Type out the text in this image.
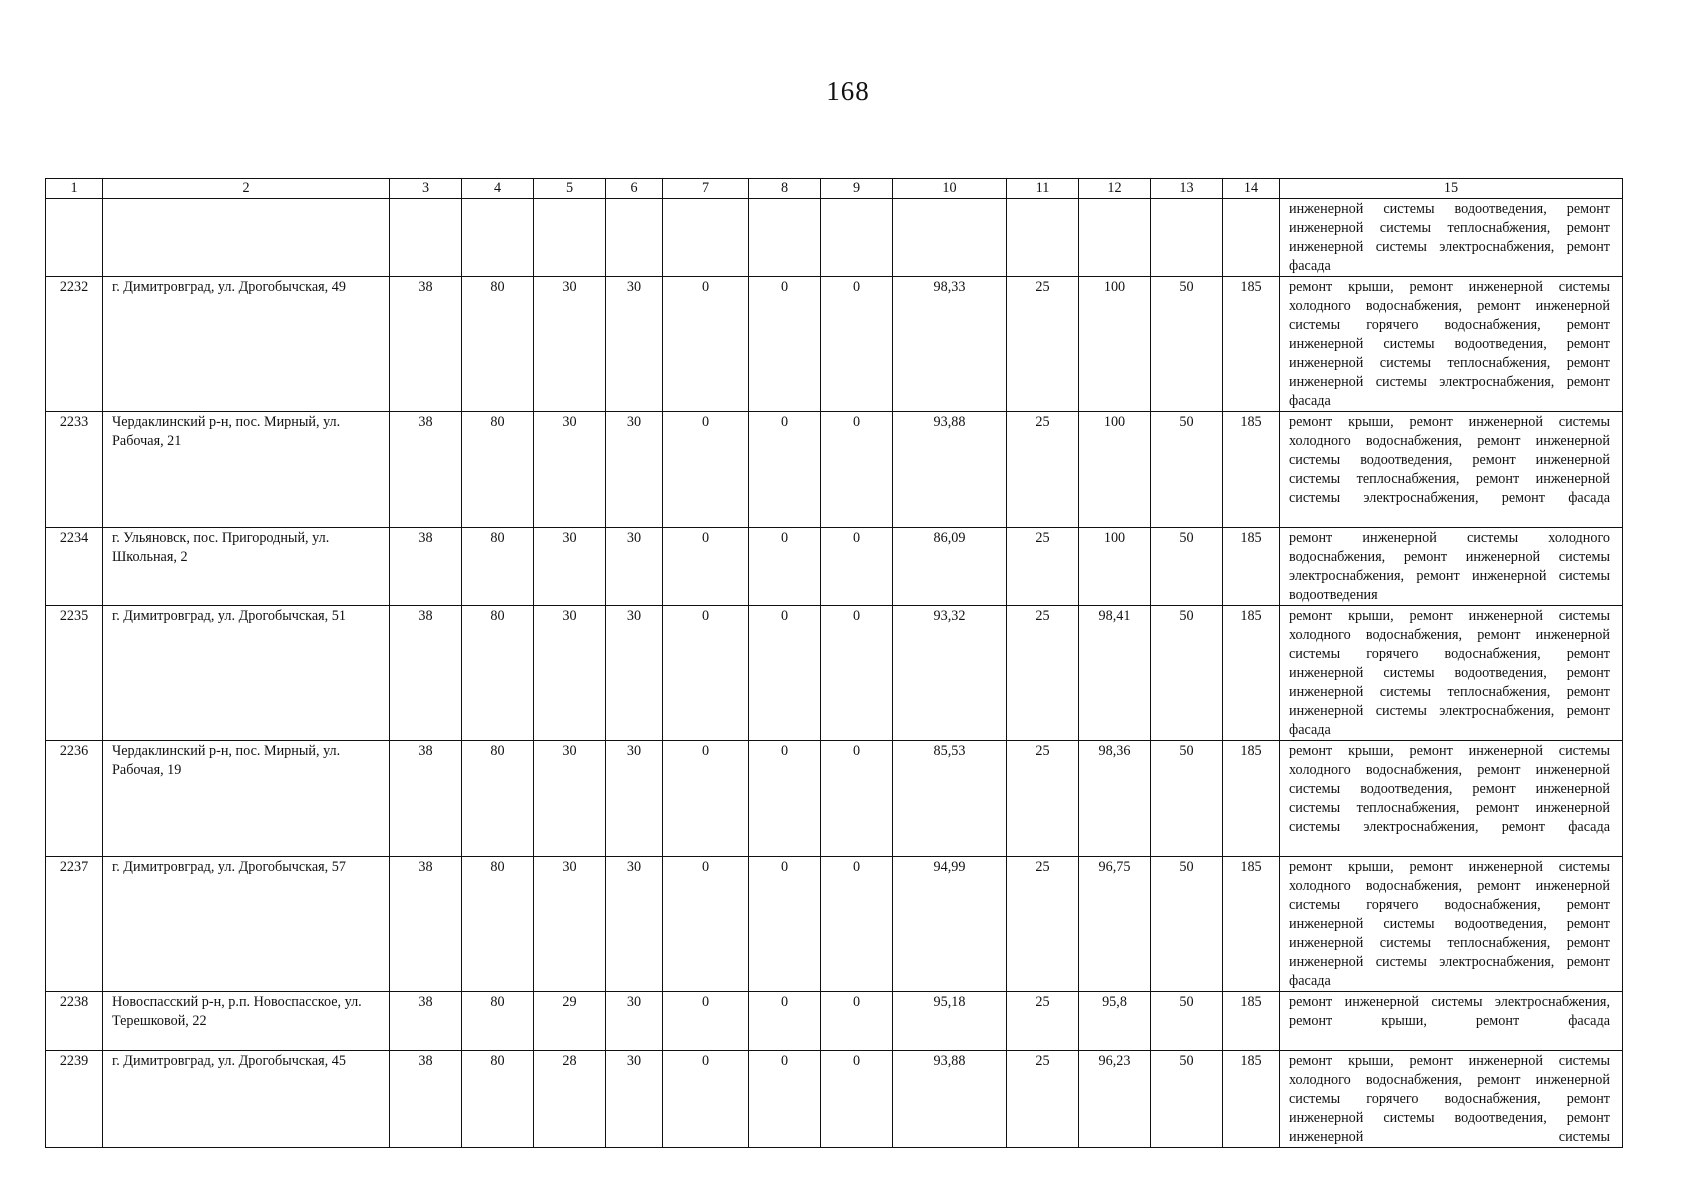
168
1	2	3	4	5	6	7	8	9	10	11	12	13	14	15
														инженерной системы водоотведения, ремонт инженерной системы теплоснабжения, ремонт инженерной системы электроснабжения, ремонт фасада
2232	г. Димитровград, ул. Дрогобычская, 49	38	80	30	30	0	0	0	98,33	25	100	50	185	ремонт крыши, ремонт инженерной системы холодного водоснабжения, ремонт инженерной системы горячего водоснабжения, ремонт инженерной системы водоотведения, ремонт инженерной системы теплоснабжения, ремонт инженерной системы электроснабжения, ремонт фасада
2233	Чердаклинский р-н, пос. Мирный, ул. Рабочая, 21	38	80	30	30	0	0	0	93,88	25	100	50	185	ремонт крыши, ремонт инженерной системы холодного водоснабжения, ремонт инженерной системы водоотведения, ремонт инженерной системы теплоснабжения, ремонт инженерной системы электроснабжения, ремонт фасада
2234	г. Ульяновск, пос. Пригородный, ул. Школьная, 2	38	80	30	30	0	0	0	86,09	25	100	50	185	ремонт инженерной системы холодного водоснабжения, ремонт инженерной системы электроснабжения, ремонт инженерной системы водоотведения
2235	г. Димитровград, ул. Дрогобычская, 51	38	80	30	30	0	0	0	93,32	25	98,41	50	185	ремонт крыши, ремонт инженерной системы холодного водоснабжения, ремонт инженерной системы горячего водоснабжения, ремонт инженерной системы водоотведения, ремонт инженерной системы теплоснабжения, ремонт инженерной системы электроснабжения, ремонт фасада
2236	Чердаклинский р-н, пос. Мирный, ул. Рабочая, 19	38	80	30	30	0	0	0	85,53	25	98,36	50	185	ремонт крыши, ремонт инженерной системы холодного водоснабжения, ремонт инженерной системы водоотведения, ремонт инженерной системы теплоснабжения, ремонт инженерной системы электроснабжения, ремонт фасада
2237	г. Димитровград, ул. Дрогобычская, 57	38	80	30	30	0	0	0	94,99	25	96,75	50	185	ремонт крыши, ремонт инженерной системы холодного водоснабжения, ремонт инженерной системы горячего водоснабжения, ремонт инженерной системы водоотведения, ремонт инженерной системы теплоснабжения, ремонт инженерной системы электроснабжения, ремонт фасада
2238	Новоспасский р-н, р.п. Новоспасское, ул. Терешковой, 22	38	80	29	30	0	0	0	95,18	25	95,8	50	185	ремонт инженерной системы электроснабжения, ремонт крыши, ремонт фасада
2239	г. Димитровград, ул. Дрогобычская, 45	38	80	28	30	0	0	0	93,88	25	96,23	50	185	ремонт крыши, ремонт инженерной системы холодного водоснабжения, ремонт инженерной системы горячего водоснабжения, ремонт инженерной системы водоотведения, ремонт инженерной системы
